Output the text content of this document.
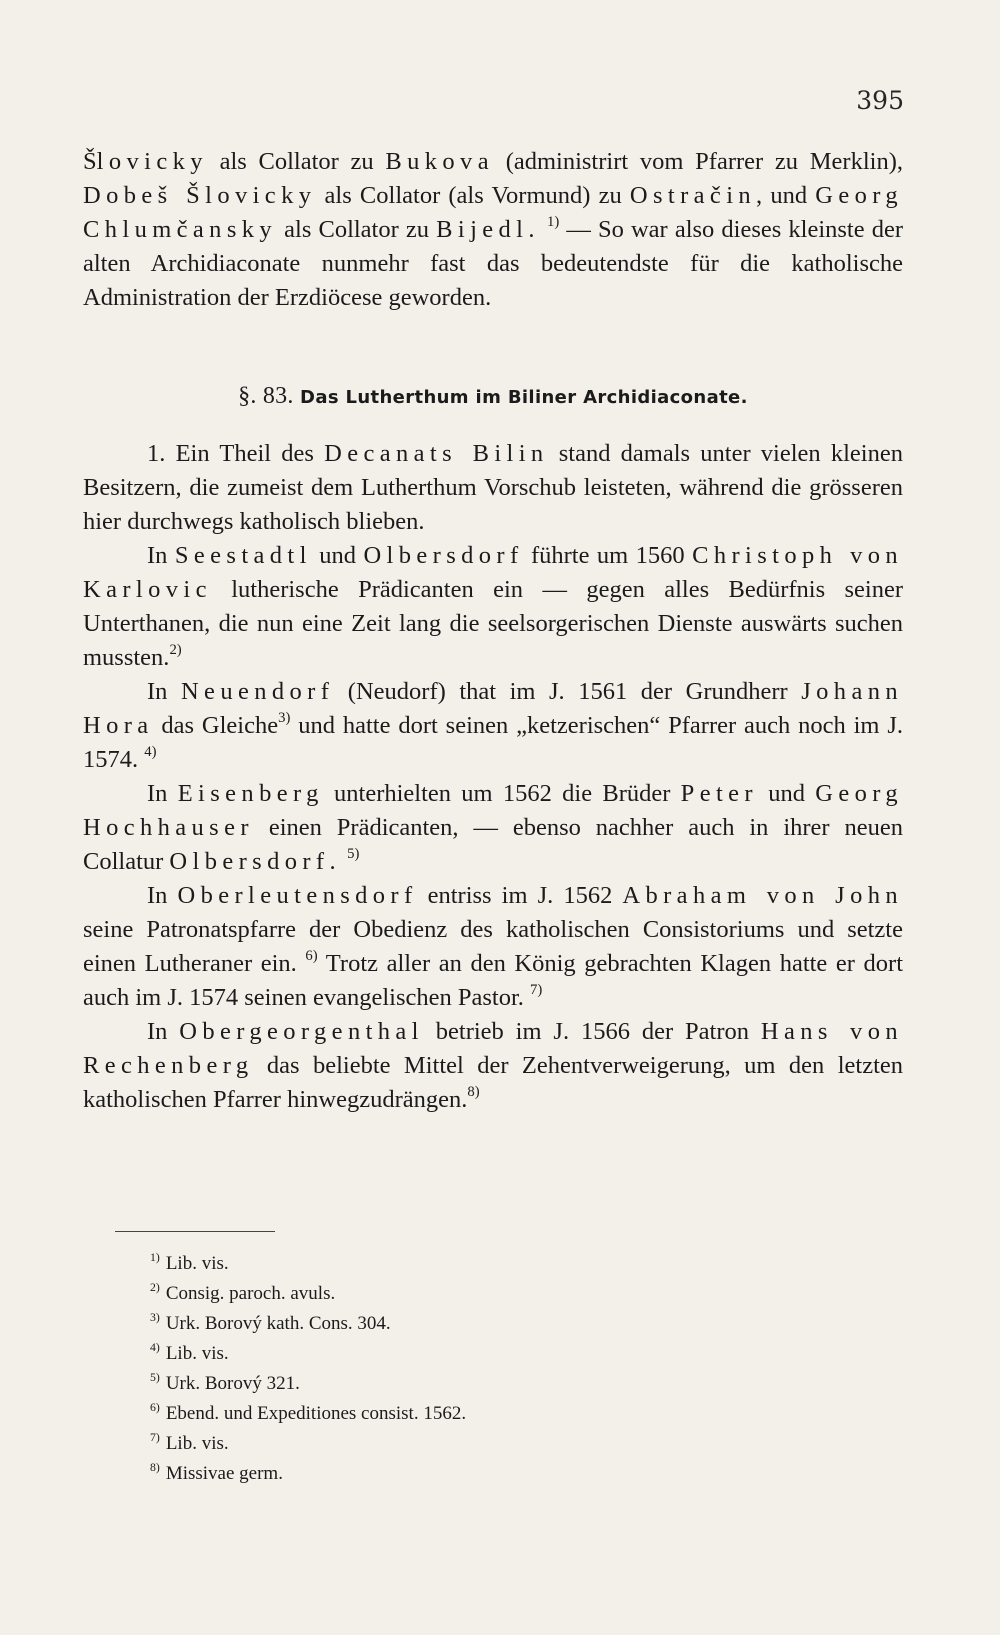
395

Šlovicky als Collator zu Bukova (administrirt vom Pfarrer zu Merklin), Dobeš Šlovicky als Collator (als Vormund) zu Ostračin, und Georg Chlumčansky als Collator zu Bijedl. $^{1)}$ — So war also dieses kleinste der alten Archidiaconate nunmehr fast das bedeutendste für die katholische Administration der Erzdiöcese geworden.

§. 83. Das Lutherthum im Biliner Archidiaconate.

1. Ein Theil des Decanats Bilin stand damals unter vielen kleinen Besitzern, die zumeist dem Lutherthum Vorschub leisteten, während die grösseren hier durchwegs katholisch blieben.

In Seestadtl und Olbersdorf führte um 1560 Christoph von Karlovic lutherische Prädicanten ein — gegen alles Bedürfnis seiner Unterthanen, die nun eine Zeit lang die seelsorgerischen Dienste auswärts suchen mussten.$^{2)}$

In Neuendorf (Neudorf) that im J. 1561 der Grundherr Johann Hora das Gleiche$^{3)}$ und hatte dort seinen „ketzerischen“ Pfarrer auch noch im J. 1574. $^{4)}$

In Eisenberg unterhielten um 1562 die Brüder Peter und Georg Hochhauser einen Prädicanten, — ebenso nachher auch in ihrer neuen Collatur Olbersdorf. $^{5)}$

In Oberleutensdorf entriss im J. 1562 Abraham von John seine Patronatspfarre der Obedienz des katholischen Consistoriums und setzte einen Lutheraner ein. $^{6)}$ Trotz aller an den König gebrachten Klagen hatte er dort auch im J. 1574 seinen evangelischen Pastor. $^{7)}$

In Obergeorgenthal betrieb im J. 1566 der Patron Hans von Rechenberg das beliebte Mittel der Zehentverweigerung, um den letzten katholischen Pfarrer hinwegzudrängen.$^{8)}$

$^{1)}$ Lib. vis.

$^{2)}$ Consig. paroch. avuls.

$^{3)}$ Urk. Borový kath. Cons. 304.

$^{4)}$ Lib. vis.

$^{5)}$ Urk. Borový 321.

$^{6)}$ Ebend. und Expeditiones consist. 1562.

$^{7)}$ Lib. vis.

$^{8)}$ Missivae germ.
